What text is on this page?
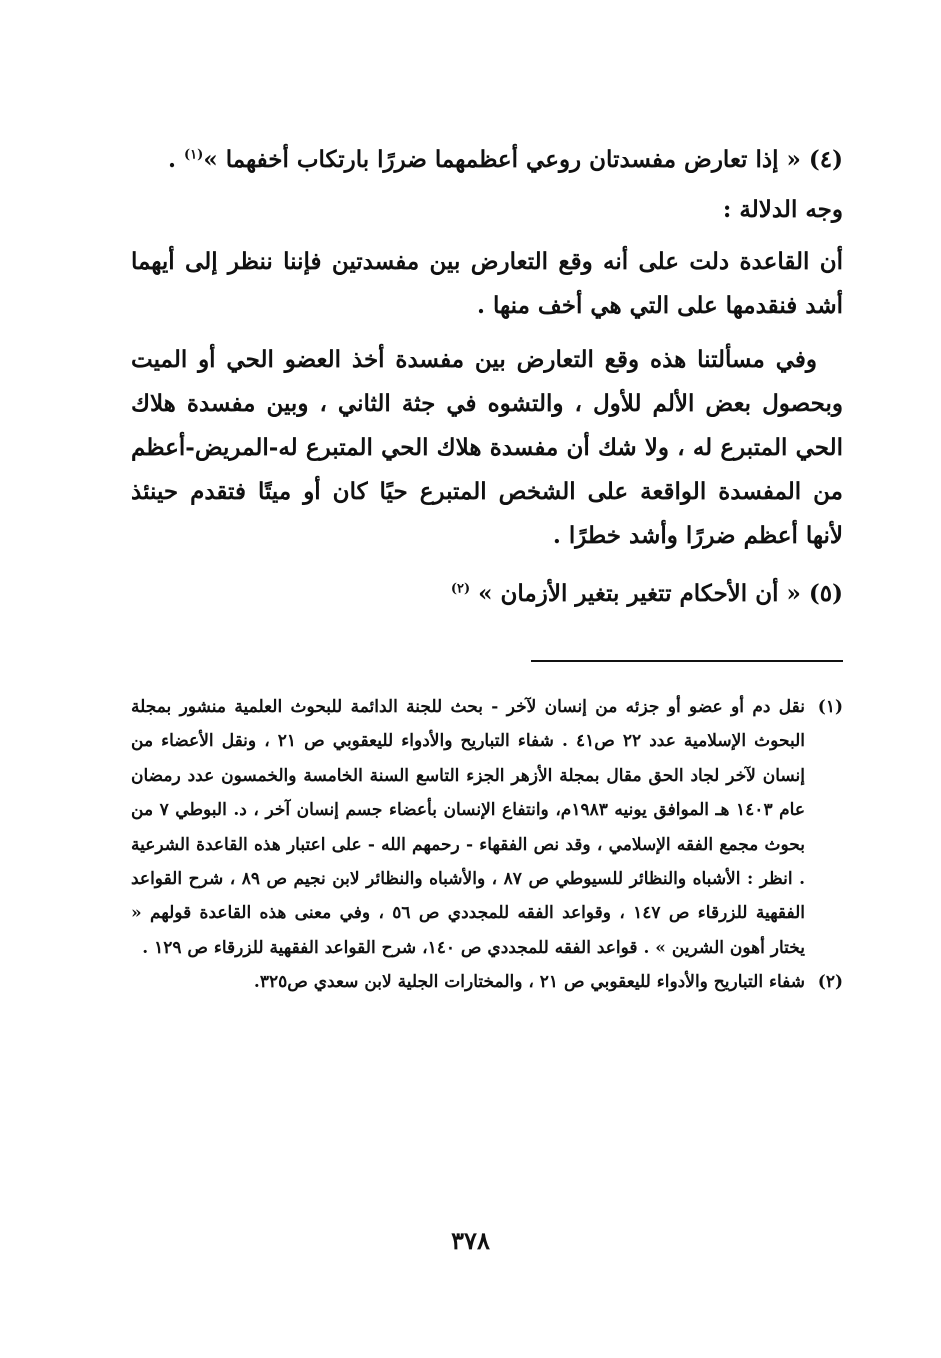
(٤) « إذا تعارض مفسدتان روعي أعظمهما ضررًا بارتكاب أخفهما »$^{(١)}$ .

وجه الدلالة :

أن القاعدة دلت على أنه وقع التعارض بين مفسدتين فإننا ننظر إلى أيهما أشد فنقدمها على التي هي أخف منها .

وفي مسألتنا هذه وقع التعارض بين مفسدة أخذ العضو الحي أو الميت وبحصول بعض الألم للأول ، والتشوه في جثة الثاني ، وبين مفسدة هلاك الحي المتبرع له ، ولا شك أن مفسدة هلاك الحي المتبرع له-المريض-أعظم من المفسدة الواقعة على الشخص المتبرع حيًا كان أو ميتًا فتقدم حينئذ لأنها أعظم ضررًا وأشد خطرًا .

(٥) « أن الأحكام تتغير بتغير الأزمان » $^{(٢)}$

(١)
نقل دم أو عضو أو جزئه من إنسان لآخر - بحث للجنة الدائمة للبحوث العلمية منشور بمجلة البحوث الإسلامية عدد ٢٢ ص٤١ . شفاء التباريح والأدواء لليعقوبي ص ٢١ ، ونقل الأعضاء من إنسان لآخر لجاد الحق مقال بمجلة الأزهر الجزء التاسع السنة الخامسة والخمسون عدد رمضان عام ١٤٠٣ هـ الموافق يونيه ١٩٨٣م، وانتفاع الإنسان بأعضاء جسم إنسان آخر ، د. البوطي ٧ من بحوث مجمع الفقه الإسلامي ، وقد نص الفقهاء - رحمهم الله - على اعتبار هذه القاعدة الشرعية . انظر : الأشباه والنظائر للسيوطي ص ٨٧ ، والأشباه والنظائر لابن نجيم ص ٨٩ ، شرح القواعد الفقهية للزرقاء ص ١٤٧ ، وقواعد الفقه للمجددي ص ٥٦ ، وفي معنى هذه القاعدة قولهم « يختار أهون الشرين » . قواعد الفقه للمجددي ص ١٤٠، شرح القواعد الفقهية للزرقاء ص ١٢٩ .
(٢)
شفاء التباريح والأدواء لليعقوبي ص ٢١ ، والمختارات الجلية لابن سعدي ص٣٢٥.
٣٧٨
